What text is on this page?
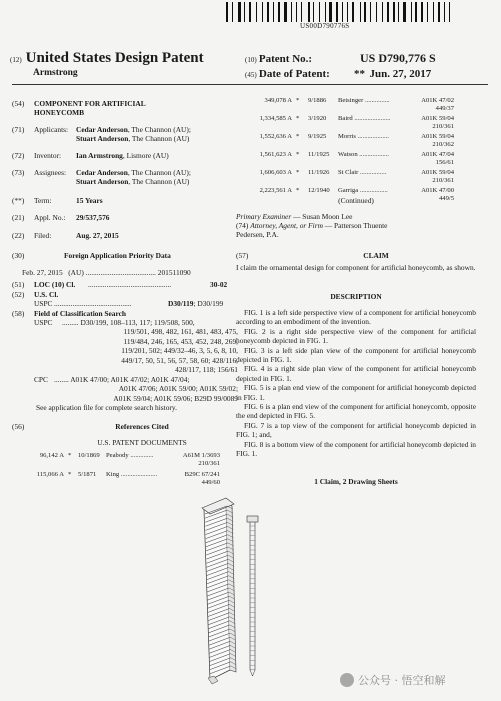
US00D790776S
(12) United States Design Patent
Armstrong
(10) Patent No.:	US D790,776 S
(45) Date of Patent: ** Jun. 27, 2017
(54) COMPONENT FOR ARTIFICIAL
HONEYCOMB
(71) Applicants: Cedar Anderson, The Channon (AU);
Stuart Anderson, The Channon (AU)
(72) Inventor: Ian Armstrong, Lismore (AU)
(73) Assignees: Cedar Anderson, The Channon (AU);
Stuart Anderson, The Channon (AU)
(**) Term:	15 Years
(21) Appl. No.: 29/537,576
(22) Filed:	Aug. 27, 2015
(30)	Foreign Application Priority Data
Feb. 27, 2015 (AU) ...................................... 201511090
(51) LOC (10) Cl. .............................................	30-02
(52) U.S. Cl.
USPC ..........................................	D30/119; D30/199
(58) Field of Classification Search
USPC ......... D30/199, 108–113, 117; 119/508, 500,
119/501, 498, 482, 161, 481, 483, 475,
119/484, 246, 165, 453, 452, 248, 269,
119/201, 502; 449/32–46, 3, 5, 6, 8, 10,
449/17, 50, 51, 56, 57, 58, 60; 428/116,
428/117, 118; 156/61
CPC ........ A01K 47/00; A01K 47/02; A01K 47/04;
A01K 47/06; A01K 59/00; A01K 59/02;
A01K 59/04; A01K 59/06; B29D 99/0089
See application file for complete search history.
(56)	References Cited
U.S. PATENT DOCUMENTS
96,142 A * 10/1869 Peabody ..............	A61M 1/3693
210/361
115,066 A * 5/1871 King ......................	B29C 67/241
449/60
349,078 A * 9/1886 Betsinger ...............	A01K 47/02
449/37
1,334,585 A * 3/1920 Baird ......................	A01K 59/04
210/361
1,552,636 A * 9/1925 Morris ...................	A01K 59/04
210/362
1,561,623 A * 11/1925 Watson ..................	A01K 47/04
156/61
1,606,603 A * 11/1926 St Clair ................	A01K 59/04
210/361
2,223,561 A * 12/1940 Garriga .................	A01K 47/00
449/5
(Continued)
Primary Examiner — Susan Moon Lee
(74) Attorney, Agent, or Firm — Patterson Thuente
Pedersen, P.A.
(57)	CLAIM
I claim the ornamental design for component for artificial honeycomb, as shown.
DESCRIPTION

FIG. 1 is a left side perspective view of a component for artificial honeycomb according to an embodiment of the invention.

FIG. 2 is a right side perspective view of the component for artificial honeycomb depicted in FIG. 1.

FIG. 3 is a left side plan view of the component for artificial honeycomb depicted in FIG. 1.

FIG. 4 is a right side plan view of the component for artificial honeycomb depicted in FIG. 1.

FIG. 5 is a plan end view of the component for artificial honeycomb depicted in FIG. 1.

FIG. 6 is a plan end view of the component for artificial honeycomb, opposite the end depicted in FIG. 5.

FIG. 7 is a top view of the component for artificial honeycomb depicted in FIG. 1; and,

FIG. 8 is a bottom view of the component for artificial honeycomb depicted in FIG. 1.

1 Claim, 2 Drawing Sheets
公众号 · 悟空和解
